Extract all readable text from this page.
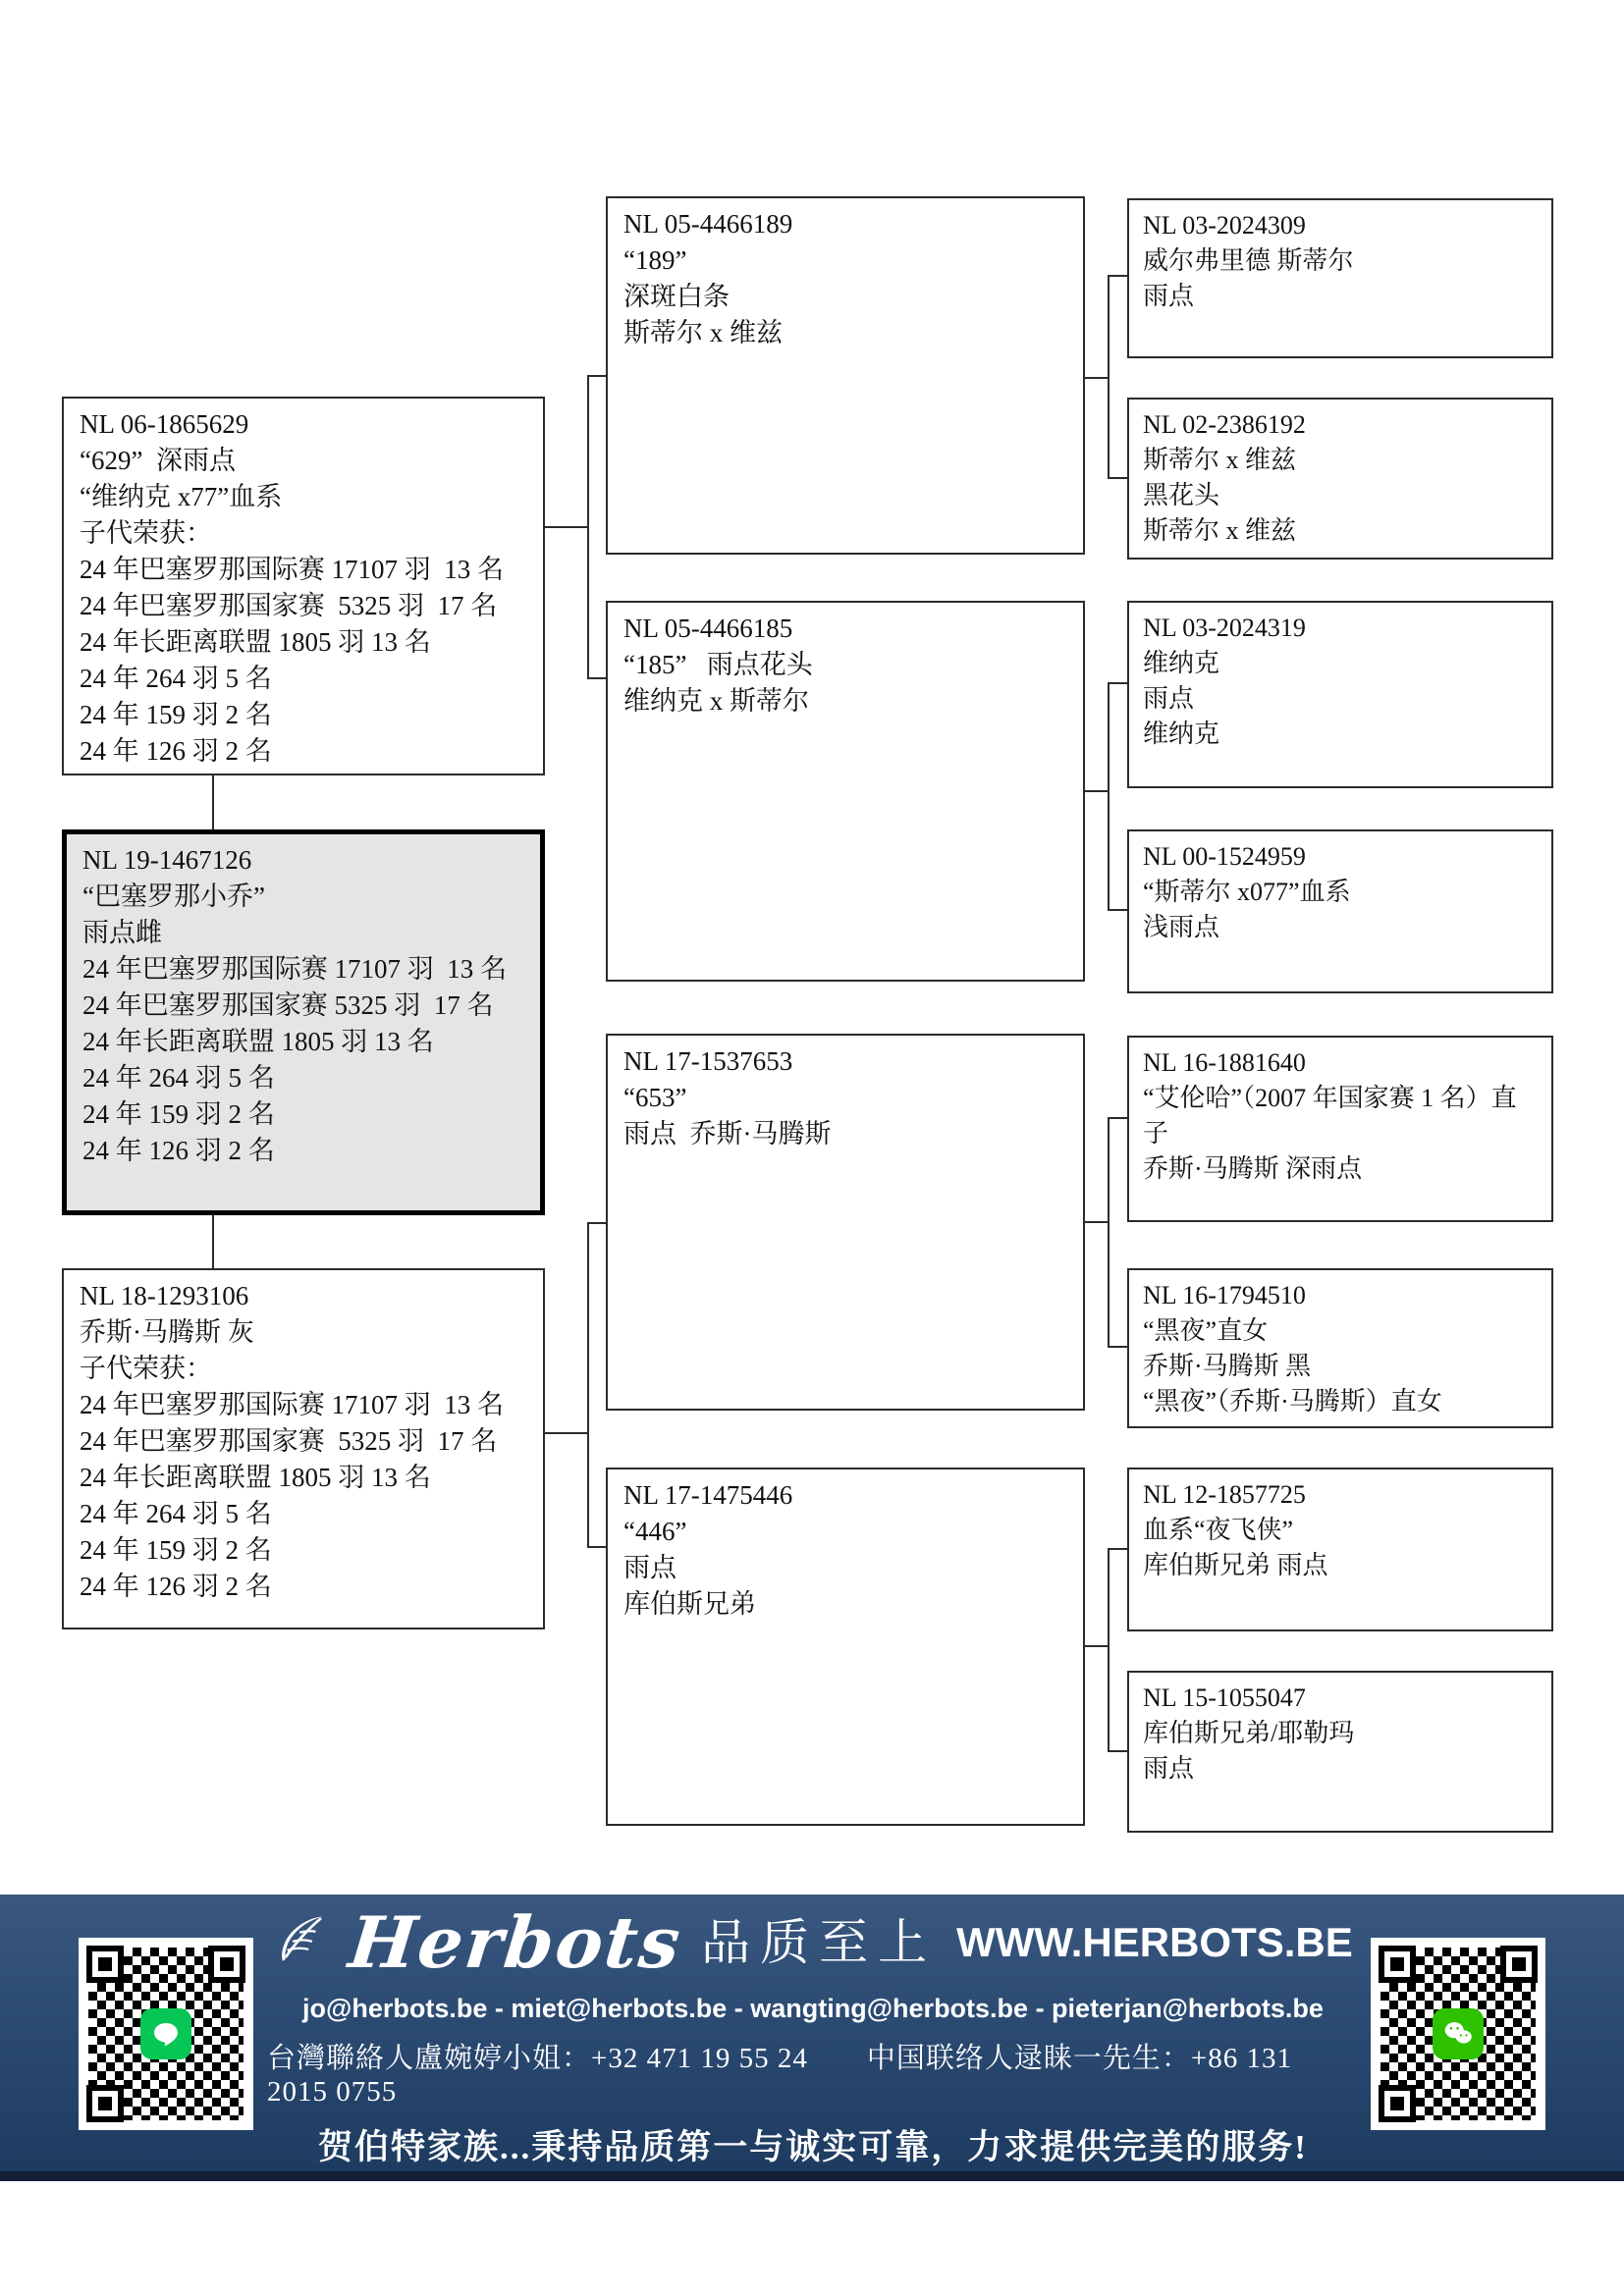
NL 06-1865629
“629”  深雨点
“维纳克 x77”血系
子代荣获：
24 年巴塞罗那国际赛 17107 羽  13 名
24 年巴塞罗那国家赛  5325 羽  17 名
24 年长距离联盟 1805 羽 13 名
24 年 264 羽 5 名
24 年 159 羽 2 名
24 年 126 羽 2 名
NL 19-1467126
“巴塞罗那小乔”
雨点雌
24 年巴塞罗那国际赛 17107 羽  13 名
24 年巴塞罗那国家赛 5325 羽  17 名
24 年长距离联盟 1805 羽 13 名
24 年 264 羽 5 名
24 年 159 羽 2 名
24 年 126 羽 2 名
NL 18-1293106
乔斯·马腾斯 灰
子代荣获：
24 年巴塞罗那国际赛 17107 羽  13 名
24 年巴塞罗那国家赛  5325 羽  17 名
24 年长距离联盟 1805 羽 13 名
24 年 264 羽 5 名
24 年 159 羽 2 名
24 年 126 羽 2 名
NL 05-4466189
“189”
深斑白条
斯蒂尔 x 维兹
NL 05-4466185
“185”   雨点花头
维纳克 x 斯蒂尔
NL 17-1537653
“653”
雨点  乔斯·马腾斯
NL 17-1475446
“446”
雨点
库伯斯兄弟
NL 03-2024309
威尔弗里德 斯蒂尔
雨点
NL 02-2386192
斯蒂尔 x 维兹
黑花头
斯蒂尔 x 维兹
NL 03-2024319
维纳克
雨点
维纳克
NL 00-1524959
“斯蒂尔 x077”血系
浅雨点
NL 16-1881640
“艾伦哈”（2007 年国家赛 1 名）直子
乔斯·马腾斯 深雨点
NL 16-1794510
“黑夜”直女
乔斯·马腾斯 黑
“黑夜”（乔斯·马腾斯）直女
NL 12-1857725
血系“夜飞侠”
库伯斯兄弟 雨点
NL 15-1055047
库伯斯兄弟/耶勒玛
雨点
Herbots 品质至上 WWW.HERBOTS.BE
jo@herbots.be - miet@herbots.be - wangting@herbots.be - pieterjan@herbots.be
台灣聯絡人盧婉婷小姐：+32 471 19 55 24　　中国联络人逯睐一先生：+86 131 2015 0755
贺伯特家族...秉持品质第一与诚实可靠，力求提供完美的服务!
